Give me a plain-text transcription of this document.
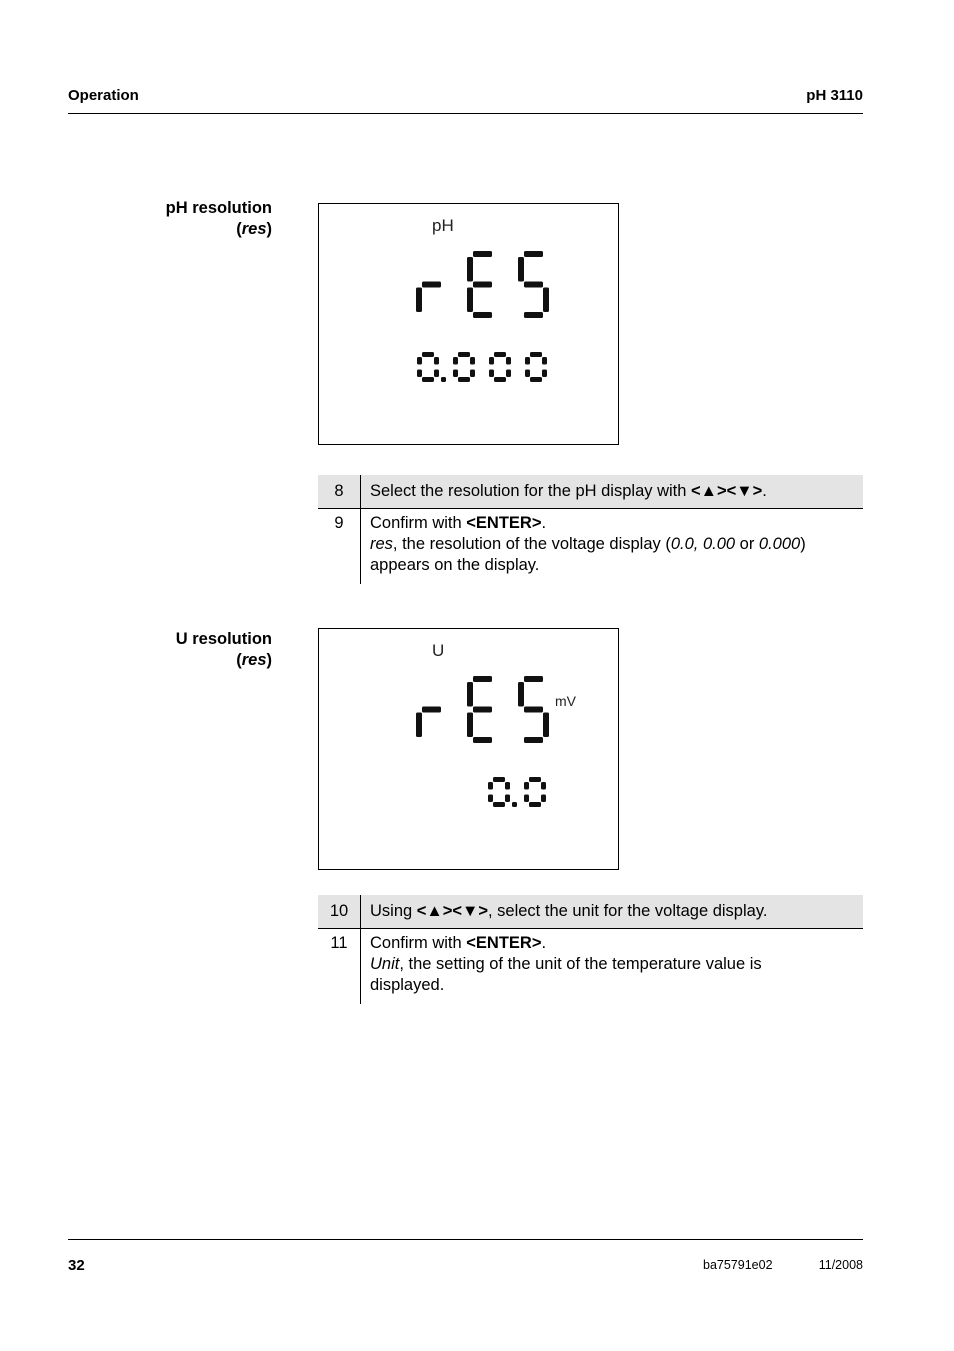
Operation	pH 3110
pH resolution
(res)	pH
8	Select the resolution for the pH display with <▲><▼>.
9	Confirm with <ENTER>.
res, the resolution of the voltage display (0.0, 0.00 or 0.000)
appears on the display.
U resolution
(res)	U
mV
10	Using <▲><▼>, select the unit for the voltage display.
11	Confirm with <ENTER>.
Unit, the setting of the unit of the temperature value is
displayed.
32	ba75791e02	11/2008
